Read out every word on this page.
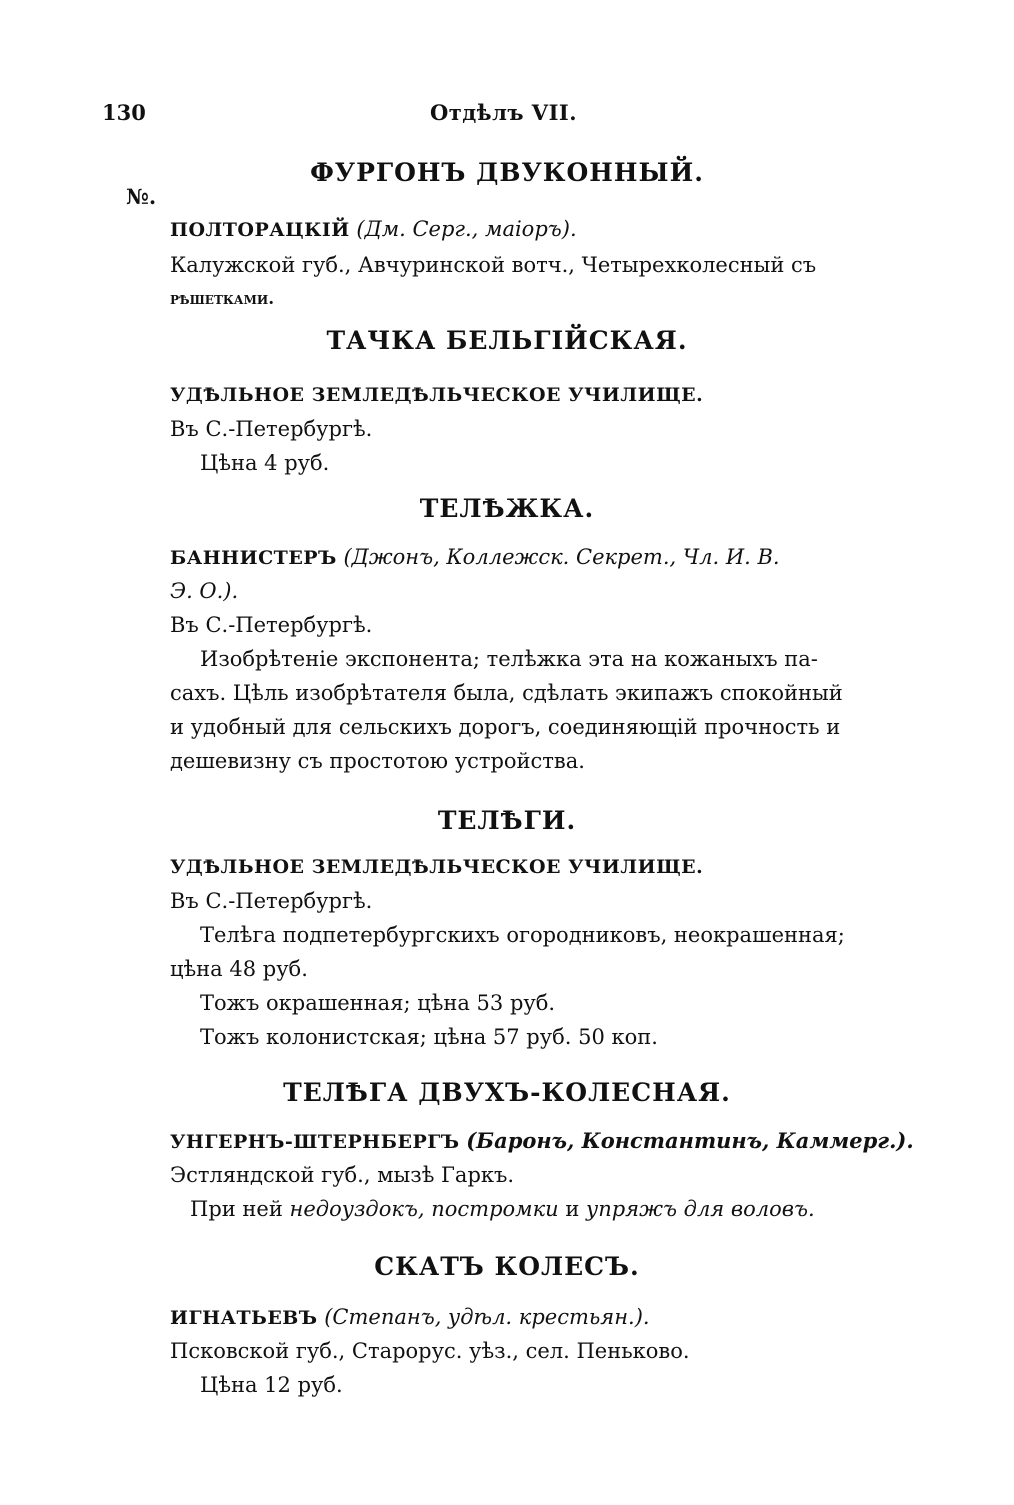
130	Отдѣлъ VII.
ФУРГОНЪ ДВУКОННЫЙ.
№.
ПОЛТОРАЦКІЙ (Дм. Серг., маіоръ).
Калужской губ., Авчуринской вотч., Четырехколесный съ
рѣшетками.
ТАЧКА БЕЛЬГІЙСКАЯ.
УДѢЛЬНОЕ ЗЕМЛЕДѢЛЬЧЕСКОЕ УЧИЛИЩЕ.
Въ С.-Петербургѣ.
Цѣна 4 руб.
ТЕЛѢЖКА.
БАННИСТЕРЪ (Джонъ, Коллежск. Секрет., Чл. И. В.
Э. О.).
Въ С.-Петербургѣ.
Изобрѣтеніе экспонента; телѣжка эта на кожаныхъ па-
сахъ. Цѣль изобрѣтателя была, сдѣлать экипажъ спокойный
и удобный для сельскихъ дорогъ, соединяющій прочность и
дешевизну съ простотою устройства.
ТЕЛѢГИ.
УДѢЛЬНОЕ ЗЕМЛЕДѢЛЬЧЕСКОЕ УЧИЛИЩЕ.
Въ С.-Петербургѣ.
Телѣга подпетербургскихъ огородниковъ, неокрашенная;
цѣна 48 руб.
Тожъ окрашенная; цѣна 53 руб.
Тожъ колонистская; цѣна 57 руб. 50 коп.
ТЕЛѢГА ДВУХЪ-КОЛЕСНАЯ.
УНГЕРНЪ-ШТЕРНБЕРГЪ (Баронъ, Константинъ, Каммерг.).
Эстляндской губ., мызѣ Гаркъ.
При ней недоуздокъ, постромки и упряжъ для воловъ.
СКАТЪ КОЛЕСЪ.
ИГНАТЬЕВЪ (Степанъ, удѣл. крестьян.).
Псковской губ., Старорус. уѣз., сел. Пеньково.
Цѣна 12 руб.
